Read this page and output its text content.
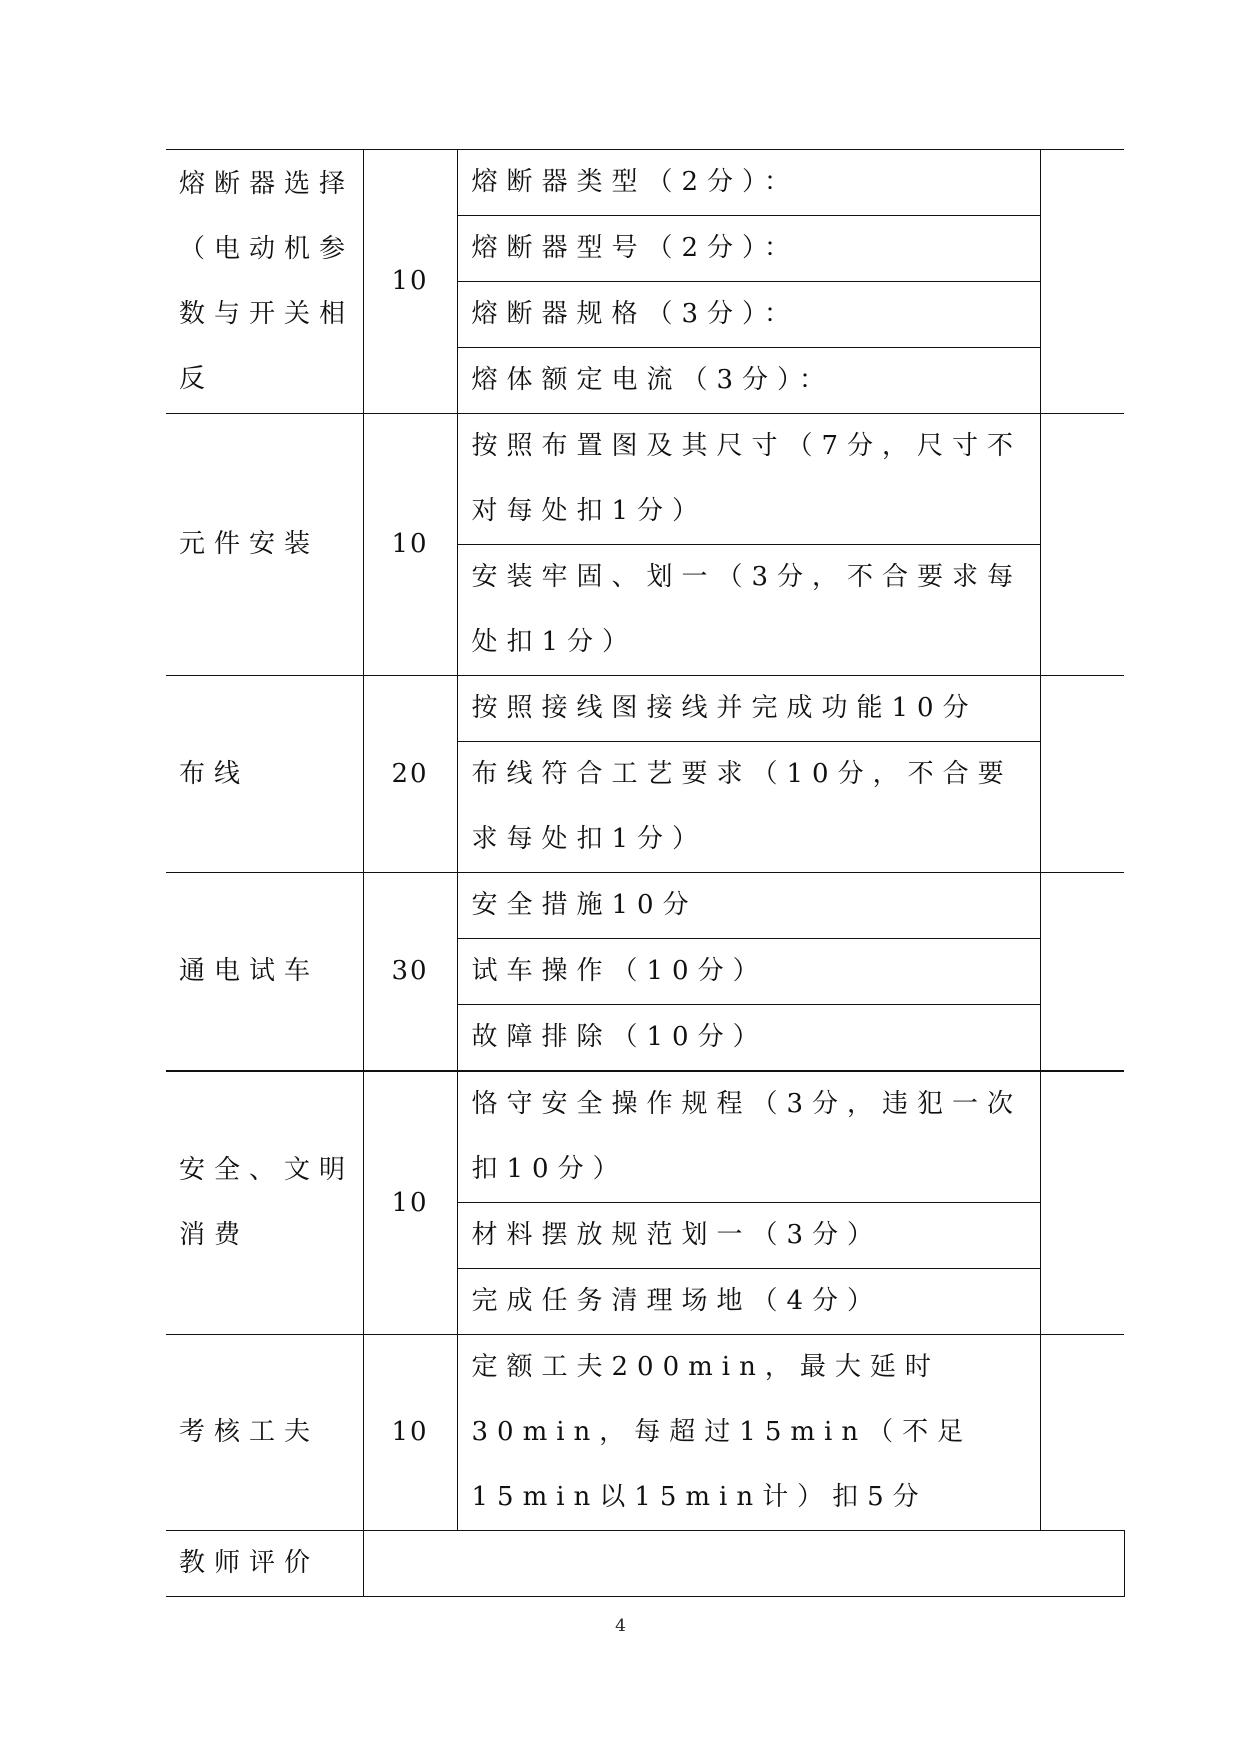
熔断器选择（电动机参数与开关相反	10	熔断器类型（2分）：	
		熔断器型号（2分）：	
		熔断器规格（3分）：	
		熔体额定电流（3分）：	
元件安装	10	按照布置图及其尺寸（7分，尺寸不对每处扣1分）	
		安装牢固、划一（3分，不合要求每处扣1分）	
布线	20	按照接线图接线并完成功能10分	
		布线符合工艺要求（10分，不合要求每处扣1分）	
通电试车	30	安全措施10分	
		试车操作（10分）	
		故障排除（10分）	
安全、文明消费	10	恪守安全操作规程（3分，违犯一次扣10分）	
		材料摆放规范划一（3分）	
		完成任务清理场地（4分）	
考核工夫	10	定额工夫200min，最大延时30min，每超过15min（不足15min以15min计）扣5分	
教师评价			
4
